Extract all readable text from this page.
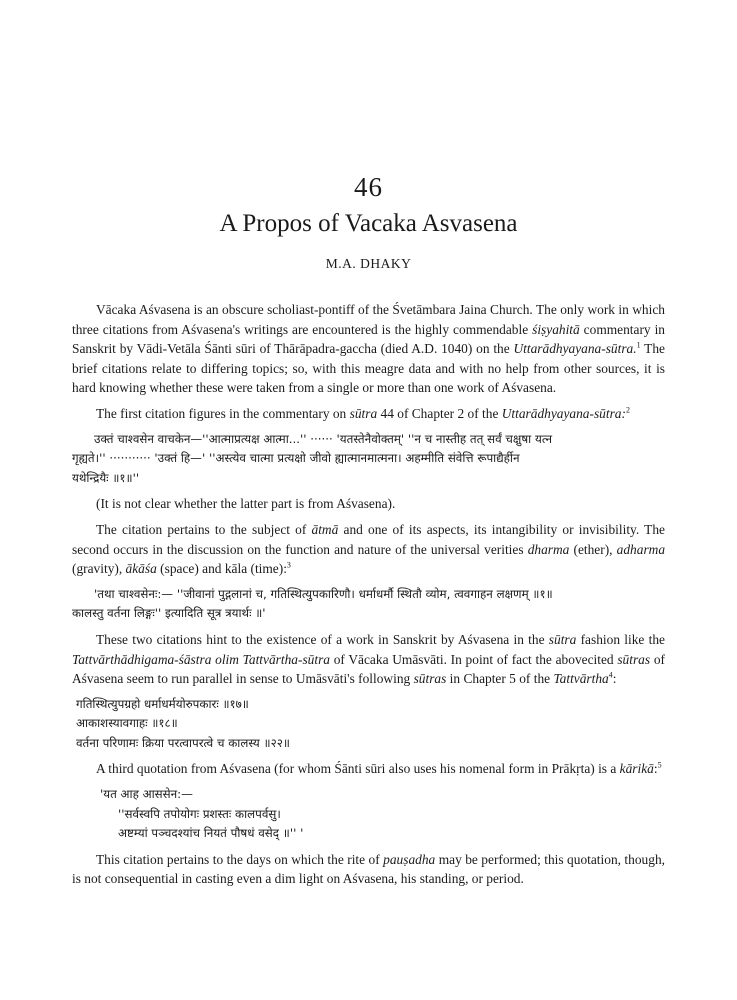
46
A Propos of Vacaka Asvasena
M.A. DHAKY

Vācaka Aśvasena is an obscure scholiast-pontiff of the Śvetāmbara Jaina Church. The only work in which three citations from Aśvasena's writings are encountered is the highly commendable śiṣyahitā commentary in Sanskrit by Vādi-Vetāla Śānti sūri of Thārāpadra-gaccha (died A.D. 1040) on the Uttarādhyayana-sūtra.$^1$ The brief citations relate to differing topics; so, with this meagre data and with no help from other sources, it is hard knowing whether these were taken from a single or more than one work of Aśvasena.

The first citation figures in the commentary on sūtra 44 of Chapter 2 of the Uttarādhyayana-sūtra:$^2$

उक्तं चाश्वसेन वाचकेन—''आत्माप्रत्यक्ष आत्मा...'' ······ 'यतस्तेनैवोक्तम्' ''न च नास्तीह तत् सर्वं चक्षुषा यत्न
गृह्यते।'' ··········· 'उक्तं हि—' ''अस्त्येव चात्मा प्रत्यक्षो जीवो ह्यात्मानमात्मना। अहम्मीति संवेत्ति रूपाद्यैर्हीन
यथेन्द्रियैः ॥१॥''

(It is not clear whether the latter part is from Aśvasena).

The citation pertains to the subject of ātmā and one of its aspects, its intangibility or invisibility. The second occurs in the discussion on the function and nature of the universal verities dharma (ether), adharma (gravity), ākāśa (space) and kāla (time):$^3$

'तथा चाश्वसेनः:— ''जीवानां पुद्गलानां च, गतिस्थित्युपकारिणौ। धर्माधर्मौ स्थितौ व्योम, त्ववगाहन लक्षणम् ॥१॥
कालस्तु वर्तना लिङ्गः'' इत्यादिति सूत्र त्रयार्थः ॥'

These two citations hint to the existence of a work in Sanskrit by Aśvasena in the sūtra fashion like the Tattvārthādhigama-śāstra olim Tattvārtha-sūtra of Vācaka Umāsvāti. In point of fact the abovecited sūtras of Aśvasena seem to run parallel in sense to Umāsvāti's following sūtras in Chapter 5 of the Tattvārtha$^4$:

गतिस्थित्युपग्रहो धर्माधर्मयोरुपकारः ॥१७॥
आकाशस्यावगाहः ॥१८॥
वर्तना परिणामः क्रिया परत्वापरत्वे च कालस्य ॥२२॥

A third quotation from Aśvasena (for whom Śānti sūri also uses his nomenal form in Prākṛta) is a kārikā:$^5$

'यत आह आससेन:—
''सर्वस्वपि तपोयोगः प्रशस्तः कालपर्वसु।
अष्टम्यां पञ्चदश्यांच नियतं पौषधं वसेद् ॥'' '

This citation pertains to the days on which the rite of pauṣadha may be performed; this quotation, though, is not consequential in casting even a dim light on Aśvasena, his standing, or period.
